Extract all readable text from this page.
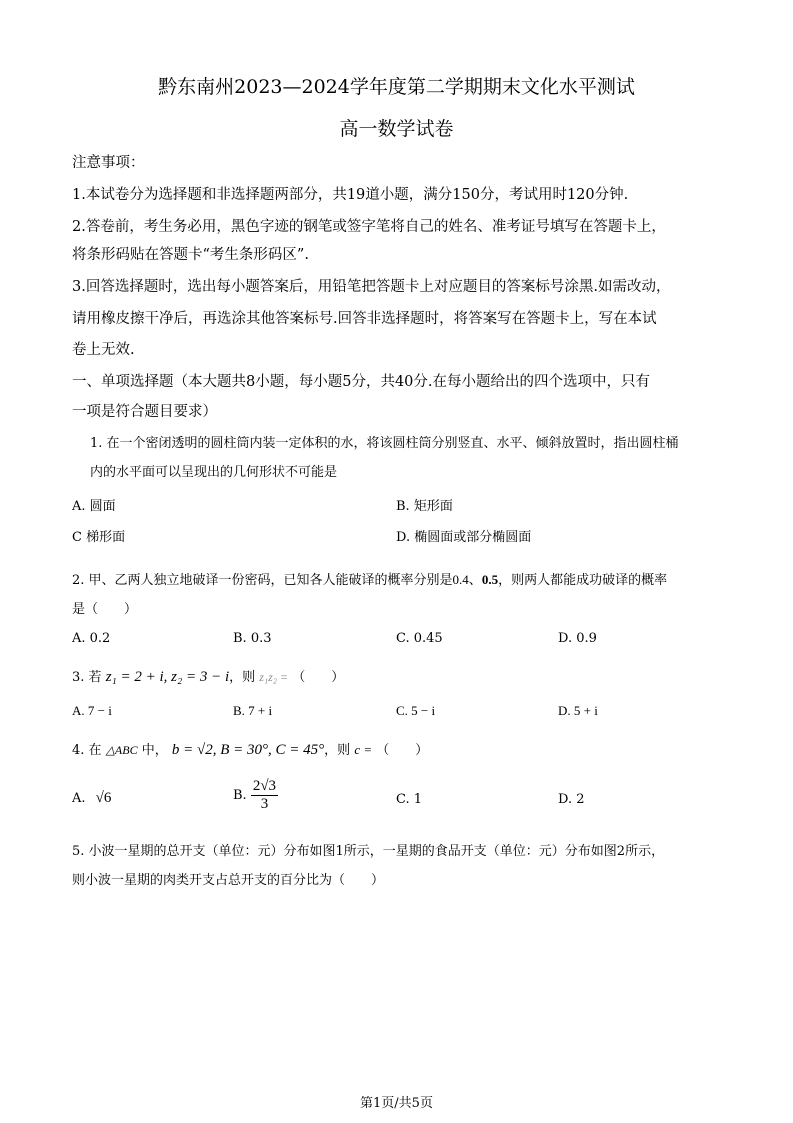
黔东南州2023—2024学年度第二学期期末文化水平测试
高一数学试卷
注意事项：
1.本试卷分为选择题和非选择题两部分，共19道小题，满分150分，考试用时120分钟.
2.答卷前，考生务必用，黑色字迹的钢笔或签字笔将自己的姓名、准考证号填写在答题卡上，
将条形码贴在答题卡“考生条形码区”.
3.回答选择题时，选出每小题答案后，用铅笔把答题卡上对应题目的答案标号涂黑.如需改动，
请用橡皮擦干净后，再选涂其他答案标号.回答非选择题时，将答案写在答题卡上，写在本试
卷上无效.
一、单项选择题（本大题共8小题，每小题5分，共40分.在每小题给出的四个选项中，只有
一项是符合题目要求）
1. 在一个密闭透明的圆柱筒内装一定体积的水，将该圆柱筒分别竖直、水平、倾斜放置时，指出圆柱桶
内的水平面可以呈现出的几何形状不可能是
A. 圆面	B. 矩形面
C 梯形面	D. 椭圆面或部分椭圆面
2. 甲、乙两人独立地破译一份密码，已知各人能破译的概率分别是0.4、0.5，则两人都能成功破译的概率
是（　　）
A. 0.2	B. 0.3	C. 0.45	D. 0.9
3. 若 z₁ = 2 + i, z₂ = 3 − i，则 z₁z₂ = （　　）
A. 7 − i	B. 7 + i	C. 5 − i	D. 5 + i
4. 在 △ABC 中， b = √2, B = 30°, C = 45°，则 c = （　　）
A. √6	B. $\frac{2√3}{3}$	C. 1	D. 2
5. 小波一星期的总开支（单位：元）分布如图1所示，一星期的食品开支（单位：元）分布如图2所示，
则小波一星期的肉类开支占总开支的百分比为（　　）
第1页/共5页
